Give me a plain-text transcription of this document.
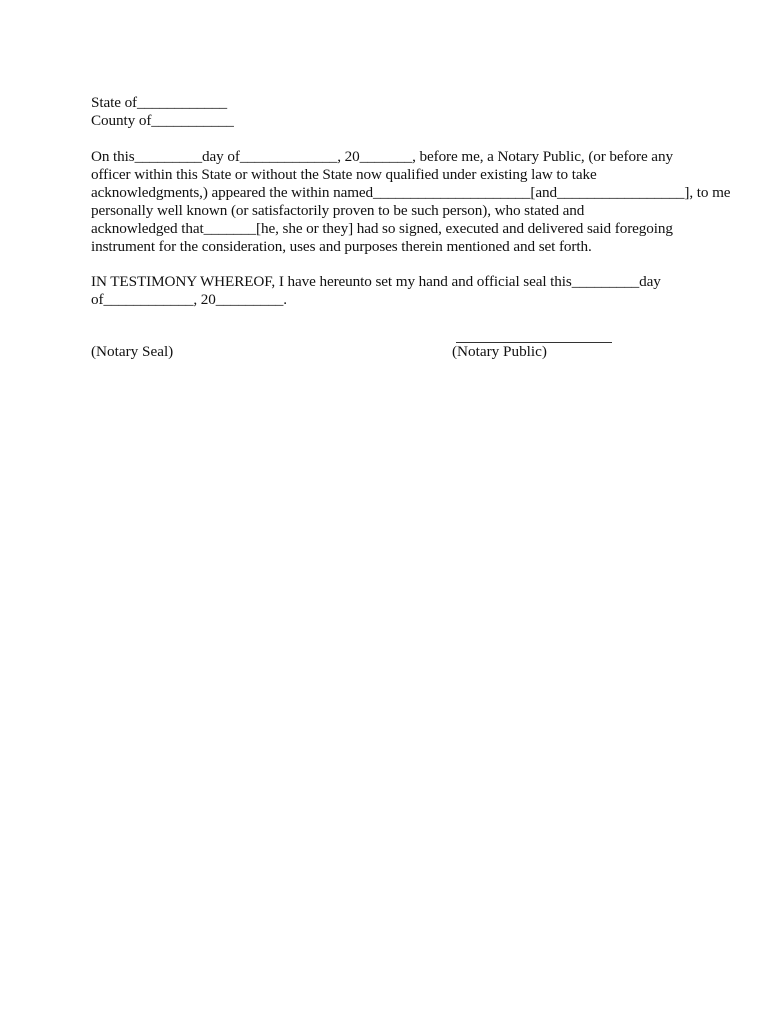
State of____________
County of___________
On this_________day of_____________, 20_______, before me, a Notary Public, (or before any
officer within this State or without the State now qualified under existing law to take
acknowledgments,) appeared the within named_____________________[and_________________], to me
personally well known (or satisfactorily proven to be such person), who stated and
acknowledged that_______[he, she or they] had so signed, executed and delivered said foregoing
instrument for the consideration, uses and purposes therein mentioned and set forth.
IN TESTIMONY WHEREOF, I have hereunto set my hand and official seal this_________day
of____________, 20_________.
(Notary Seal)	(Notary Public)
